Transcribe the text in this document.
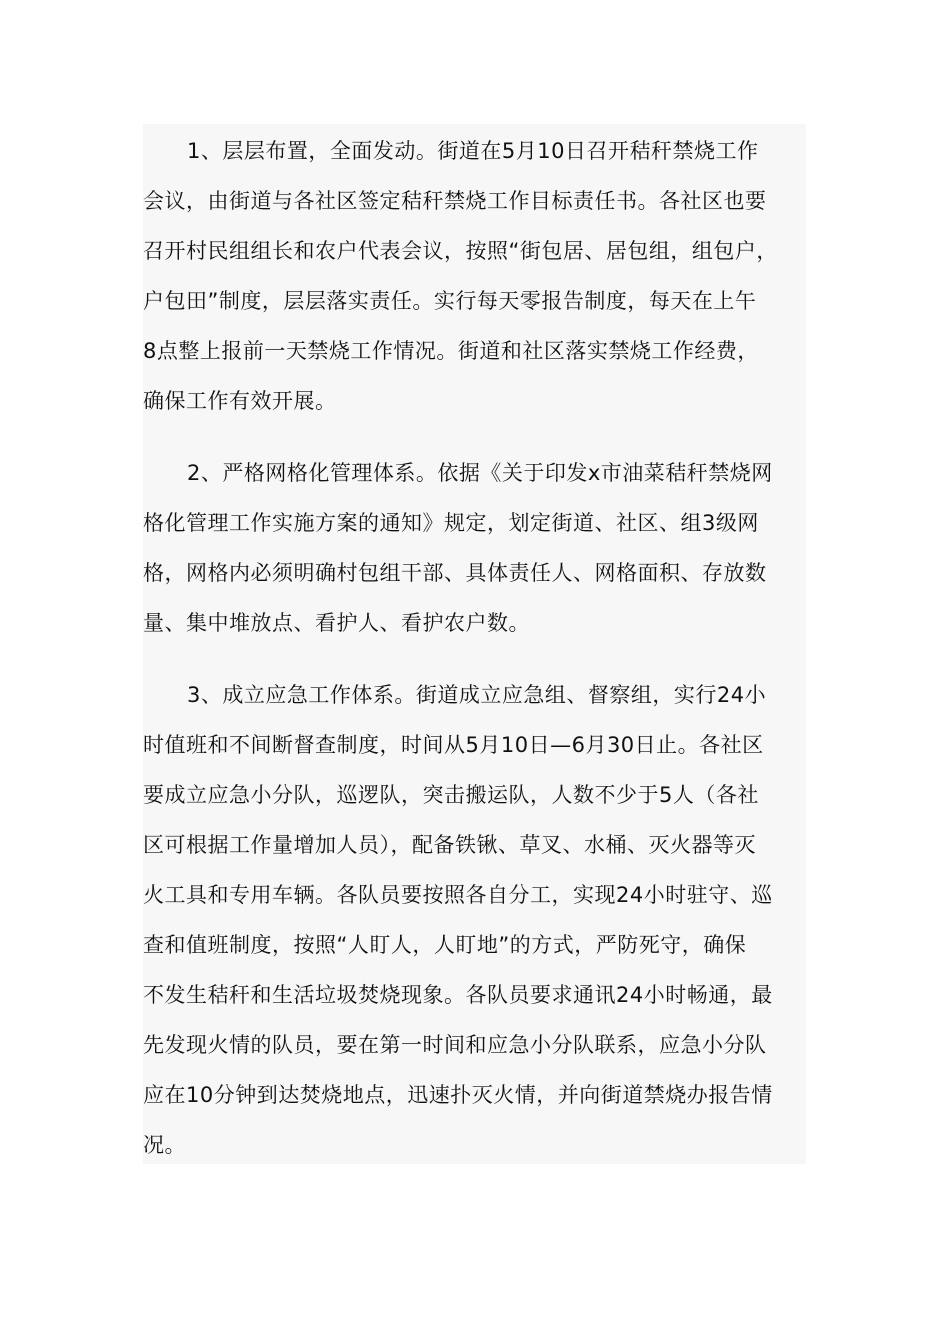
1、层层布置，全面发动。街道在5月10日召开秸秆禁烧工作
会议，由街道与各社区签定秸秆禁烧工作目标责任书。各社区也要
召开村民组组长和农户代表会议，按照“街包居、居包组，组包户，
户包田”制度，层层落实责任。实行每天零报告制度，每天在上午
8点整上报前一天禁烧工作情况。街道和社区落实禁烧工作经费，
确保工作有效开展。
2、严格网格化管理体系。依据《关于印发x市油菜秸秆禁烧网
格化管理工作实施方案的通知》规定，划定街道、社区、组3级网
格，网格内必须明确村包组干部、具体责任人、网格面积、存放数
量、集中堆放点、看护人、看护农户数。
3、成立应急工作体系。街道成立应急组、督察组，实行24小
时值班和不间断督查制度，时间从5月10日—6月30日止。各社区
要成立应急小分队，巡逻队，突击搬运队，人数不少于5人（各社
区可根据工作量增加人员），配备铁锹、草叉、水桶、灭火器等灭
火工具和专用车辆。各队员要按照各自分工，实现24小时驻守、巡
查和值班制度，按照“人盯人，人盯地”的方式，严防死守，确保
不发生秸秆和生活垃圾焚烧现象。各队员要求通讯24小时畅通，最
先发现火情的队员，要在第一时间和应急小分队联系，应急小分队
应在10分钟到达焚烧地点，迅速扑灭火情，并向街道禁烧办报告情
况。
